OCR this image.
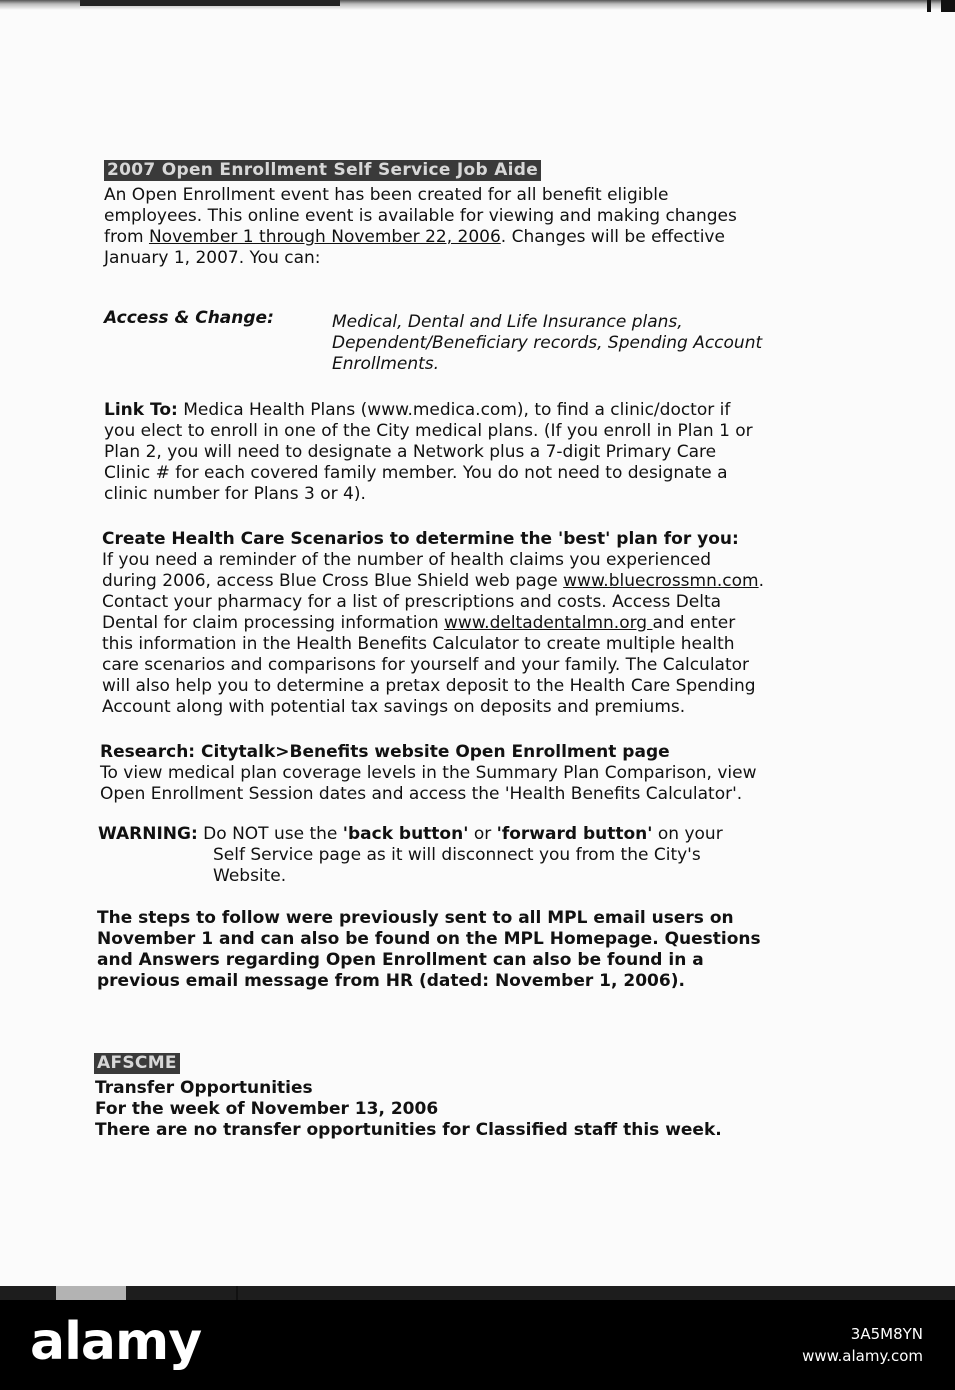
2007 Open Enrollment Self Service Job Aide
An Open Enrollment event has been created for all benefit eligible
employees. This online event is available for viewing and making changes
from November 1 through November 22, 2006. Changes will be effective
January 1, 2007. You can:
Access & Change:	Medical, Dental and Life Insurance plans,
Dependent/Beneficiary records, Spending Account
Enrollments.
Link To: Medica Health Plans (www.medica.com), to find a clinic/doctor if
you elect to enroll in one of the City medical plans. (If you enroll in Plan 1 or
Plan 2, you will need to designate a Network plus a 7-digit Primary Care
Clinic # for each covered family member. You do not need to designate a
clinic number for Plans 3 or 4).
Create Health Care Scenarios to determine the 'best' plan for you:
If you need a reminder of the number of health claims you experienced
during 2006, access Blue Cross Blue Shield web page www.bluecrossmn.com.
Contact your pharmacy for a list of prescriptions and costs. Access Delta
Dental for claim processing information www.deltadentalmn.org and enter
this information in the Health Benefits Calculator to create multiple health
care scenarios and comparisons for yourself and your family. The Calculator
will also help you to determine a pretax deposit to the Health Care Spending
Account along with potential tax savings on deposits and premiums.
Research: Citytalk>Benefits website Open Enrollment page
To view medical plan coverage levels in the Summary Plan Comparison, view
Open Enrollment Session dates and access the 'Health Benefits Calculator'.
WARNING: Do NOT use the 'back button' or 'forward button' on your
Self Service page as it will disconnect you from the City's
Website.
The steps to follow were previously sent to all MPL email users on
November 1 and can also be found on the MPL Homepage. Questions
and Answers regarding Open Enrollment can also be found in a
previous email message from HR (dated: November 1, 2006).
AFSCME
Transfer Opportunities
For the week of November 13, 2006
There are no transfer opportunities for Classified staff this week.
alamy	3A5M8YN
www.alamy.com
